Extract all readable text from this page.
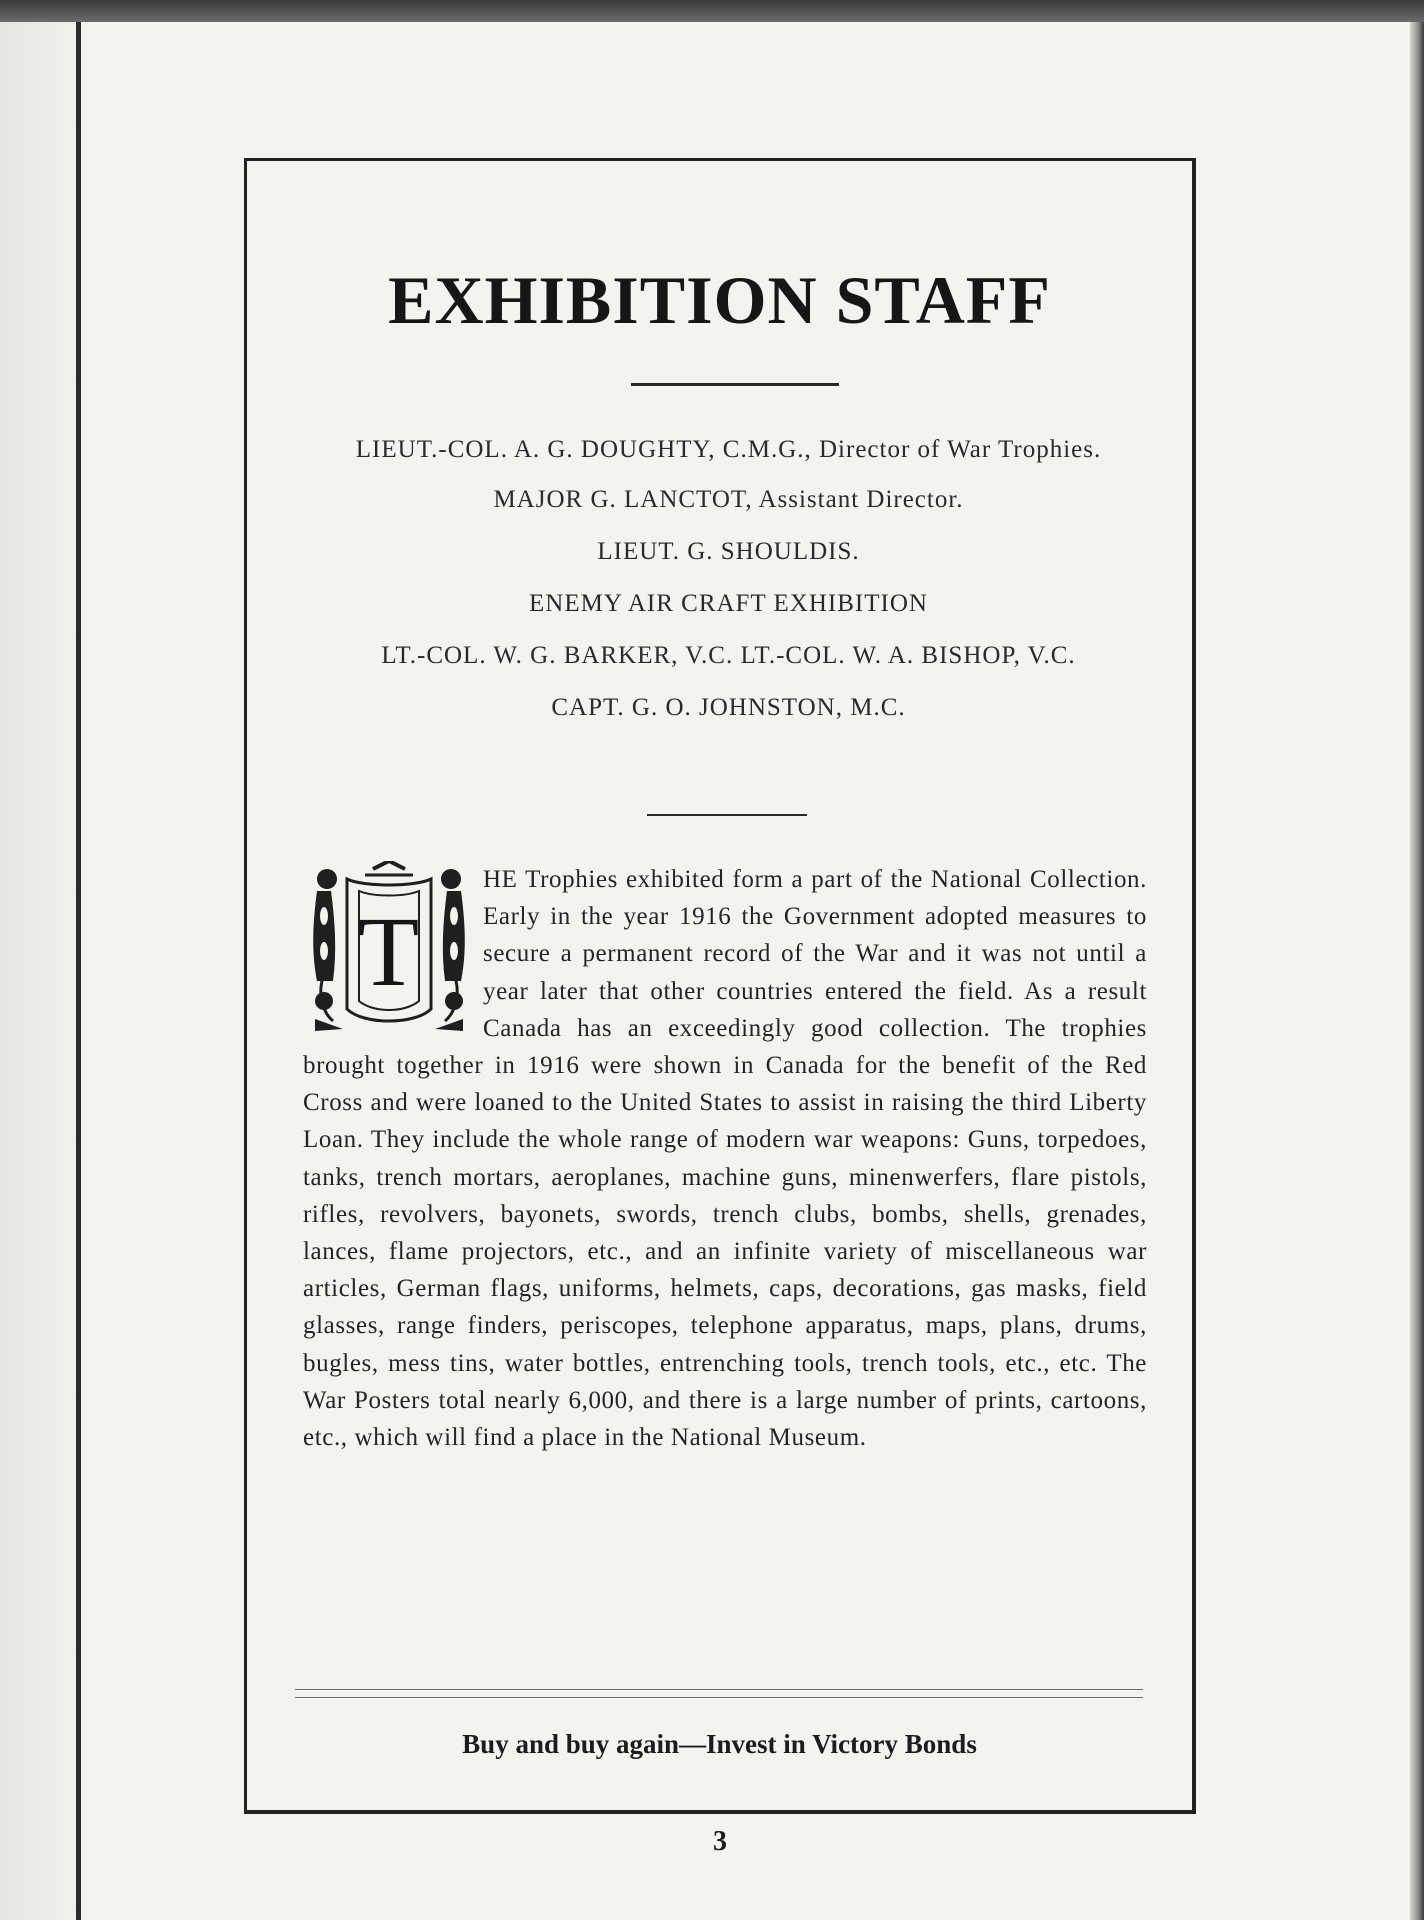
EXHIBITION STAFF

LIEUT.-COL. A. G. DOUGHTY, C.M.G., Director of War Trophies.

MAJOR G. LANCTOT, Assistant Director.

LIEUT. G. SHOULDIS.

ENEMY AIR CRAFT EXHIBITION

LT.-COL. W. G. BARKER, V.C. LT.-COL. W. A. BISHOP, V.C.

CAPT. G. O. JOHNSTON, M.C.

T
HE Trophies exhibited form a part of the National Collection. Early in the year 1916 the Government adopted measures to secure a permanent record of the War and it was not until a year later that other countries entered the field. As a result Canada has an exceedingly good collection. The trophies brought together in 1916 were shown in Canada for the benefit of the Red Cross and were loaned to the United States to assist in raising the third Liberty Loan. They include the whole range of modern war weapons: Guns, torpedoes, tanks, trench mortars, aeroplanes, machine guns, minenwerfers, flare pistols, rifles, revolvers, bayonets, swords, trench clubs, bombs, shells, grenades, lances, flame projectors, etc., and an infinite variety of miscellaneous war articles, German flags, uniforms, helmets, caps, decorations, gas masks, field glasses, range finders, periscopes, telephone apparatus, maps, plans, drums, bugles, mess tins, water bottles, entrenching tools, trench tools, etc., etc. The War Posters total nearly 6,000, and there is a large number of prints, cartoons, etc., which will find a place in the National Museum.

Buy and buy again—Invest in Victory Bonds
3
